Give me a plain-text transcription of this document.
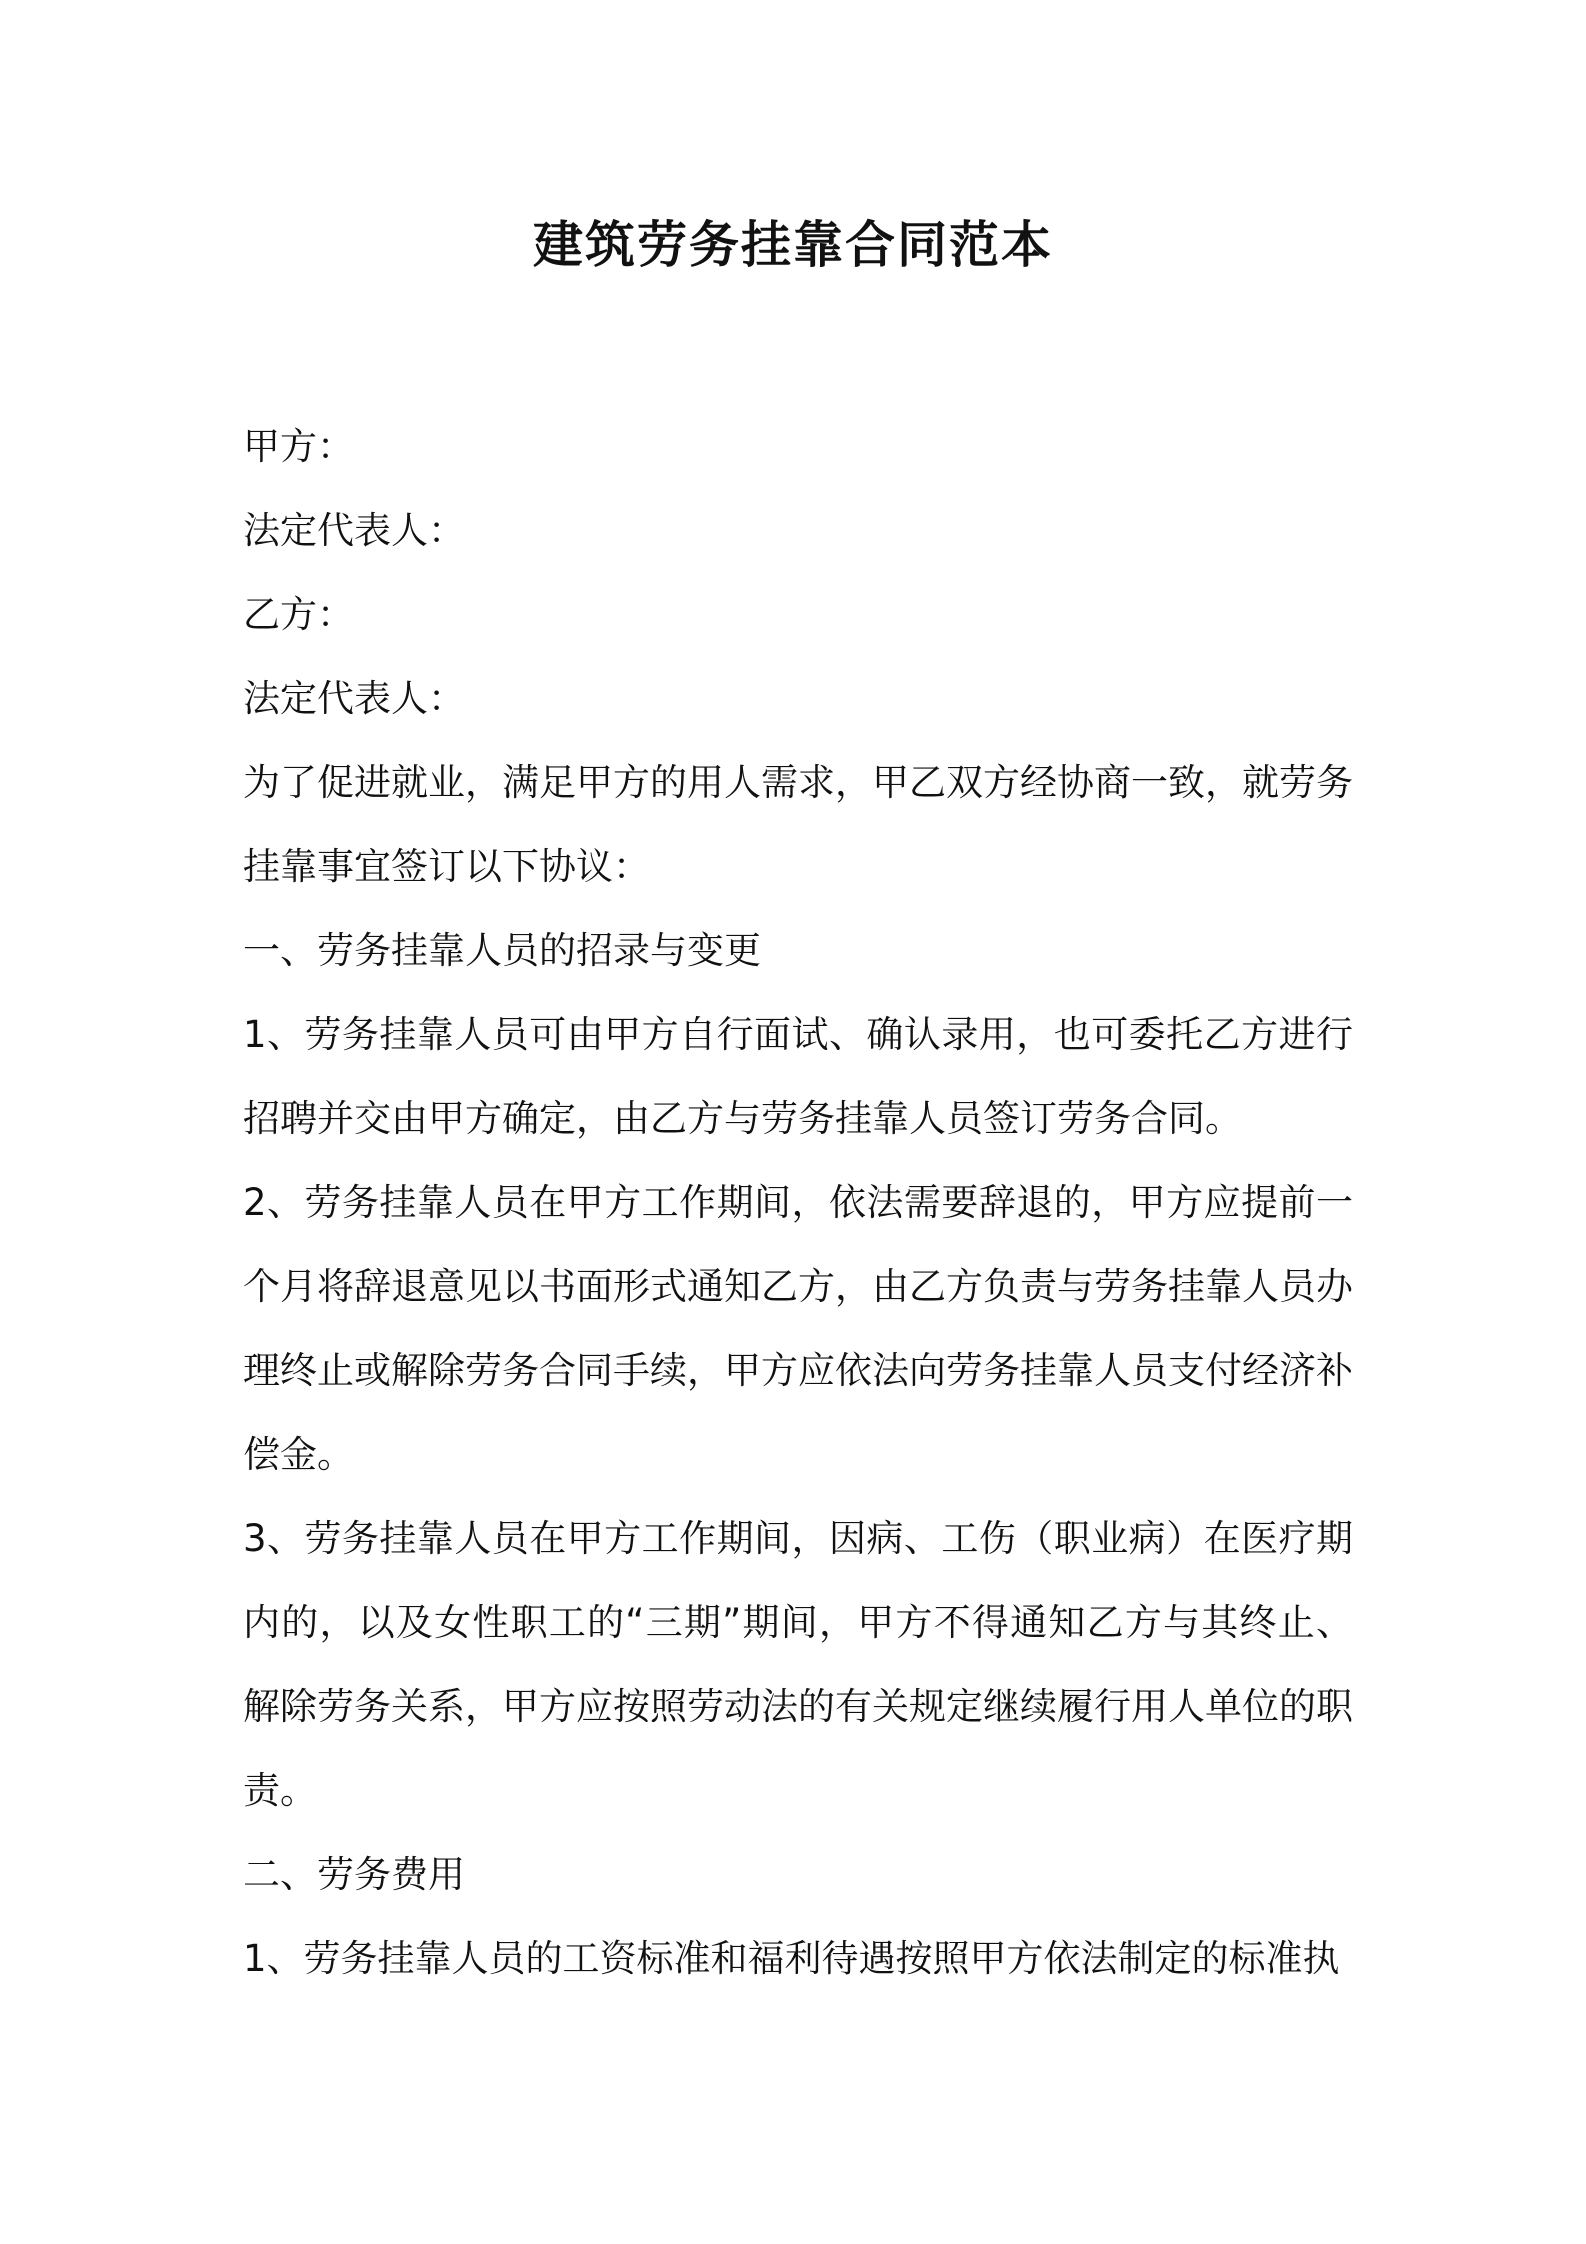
建筑劳务挂靠合同范本

甲方：

法定代表人：

乙方：

法定代表人：

为了促进就业，满足甲方的用人需求，甲乙双方经协商一致，就劳务挂靠事宜签订以下协议：

一、劳务挂靠人员的招录与变更

1、劳务挂靠人员可由甲方自行面试、确认录用，也可委托乙方进行招聘并交由甲方确定，由乙方与劳务挂靠人员签订劳务合同。

2、劳务挂靠人员在甲方工作期间，依法需要辞退的，甲方应提前一个月将辞退意见以书面形式通知乙方，由乙方负责与劳务挂靠人员办理终止或解除劳务合同手续，甲方应依法向劳务挂靠人员支付经济补偿金。

3、劳务挂靠人员在甲方工作期间，因病、工伤（职业病）在医疗期内的，以及女性职工的“三期”期间，甲方不得通知乙方与其终止、解除劳务关系，甲方应按照劳动法的有关规定继续履行用人单位的职责。

二、劳务费用

1、劳务挂靠人员的工资标准和福利待遇按照甲方依法制定的标准执
